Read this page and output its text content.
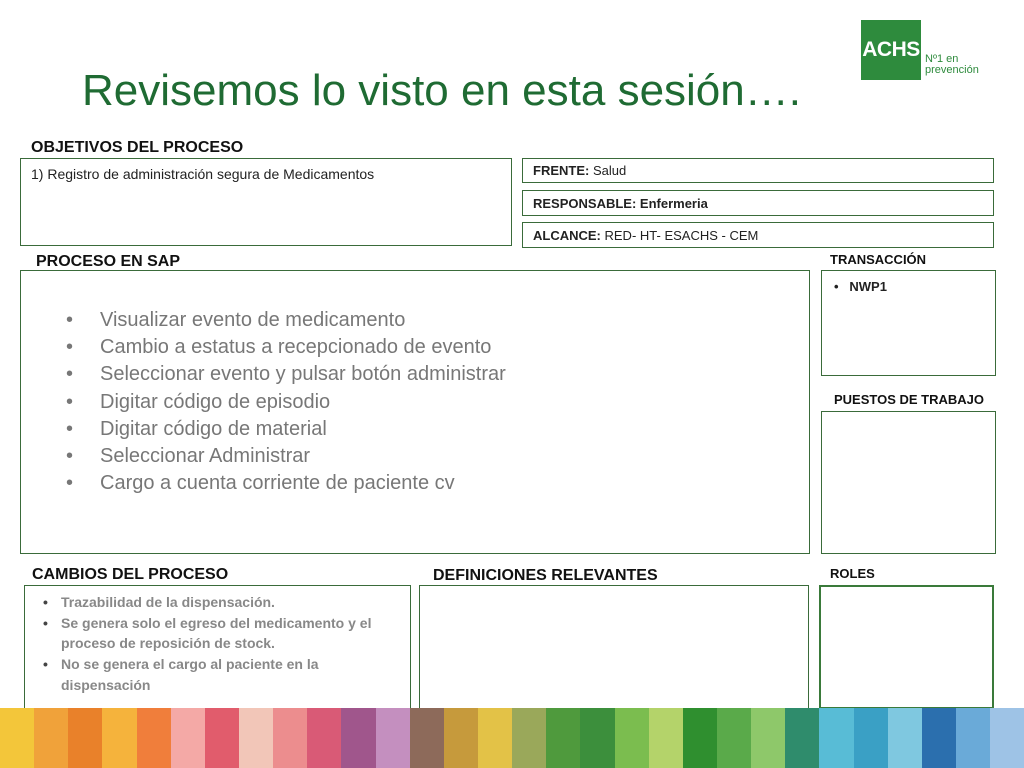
Revisemos lo visto en esta sesión….
ACHS Nº1 en
prevención
OBJETIVOS DEL PROCESO
1) Registro de administración segura de Medicamentos	FRENTE: Salud
RESPONSABLE: Enfermeria
ALCANCE: RED- HT- ESACHS - CEM
PROCESO EN SAP
• Visualizar evento de medicamento
• Cambio a estatus a recepcionado de evento
• Seleccionar evento y pulsar botón administrar
• Digitar código de episodio
• Digitar código de material
• Seleccionar Administrar
• Cargo a cuenta corriente de paciente cv
TRANSACCIÓN
•   NWP1
PUESTOS DE TRABAJO
CAMBIOS DEL PROCESO
• Trazabilidad de la dispensación.
• Se genera solo el egreso del medicamento y el proceso de reposición de stock.
• No se genera el cargo al paciente en la dispensación
DEFINICIONES RELEVANTES	ROLES
